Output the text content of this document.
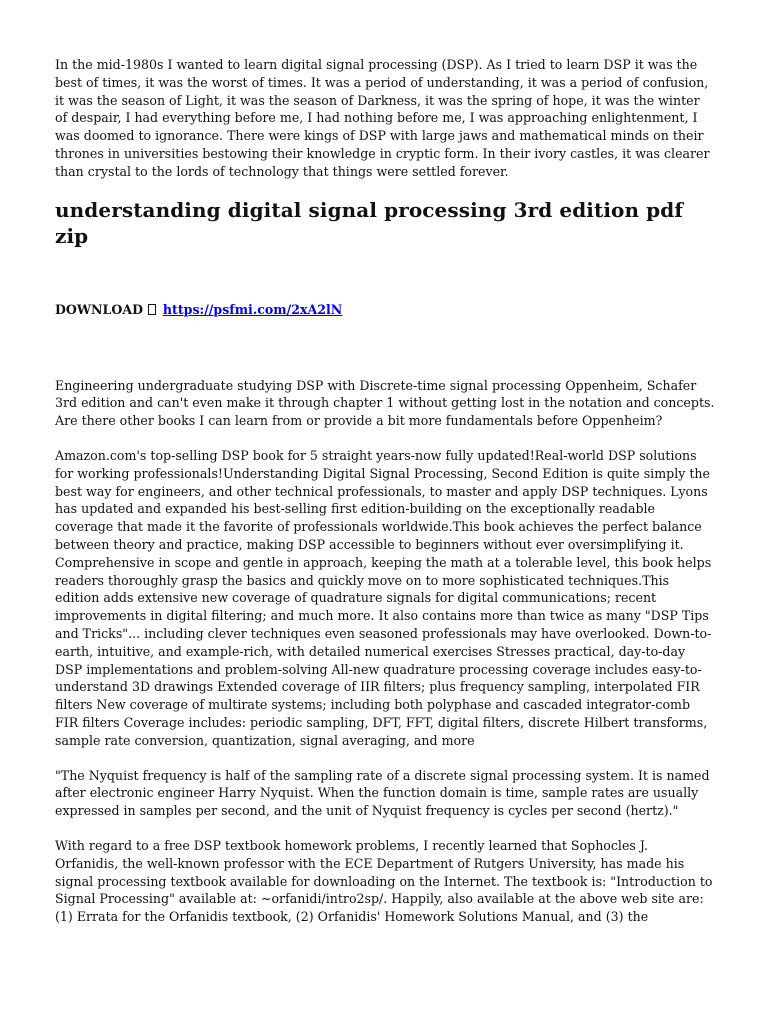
In the mid-1980s I wanted to learn digital signal processing (DSP). As I tried to learn DSP it was the best of times, it was the worst of times. It was a period of understanding, it was a period of confusion, it was the season of Light, it was the season of Darkness, it was the spring of hope, it was the winter of despair, I had everything before me, I had nothing before me, I was approaching enlightenment, I was doomed to ignorance. There were kings of DSP with large jaws and mathematical minds on their thrones in universities bestowing their knowledge in cryptic form. In their ivory castles, it was clearer than crystal to the lords of technology that things were settled forever.

understanding digital signal processing 3rd edition pdf zip
DOWNLOAD https://psfmi.com/2xA2lN

Engineering undergraduate studying DSP with Discrete-time signal processing Oppenheim, Schafer 3rd edition and can't even make it through chapter 1 without getting lost in the notation and concepts. Are there other books I can learn from or provide a bit more fundamentals before Oppenheim?

Amazon.com's top-selling DSP book for 5 straight years-now fully updated!Real-world DSP solutions for working professionals!Understanding Digital Signal Processing, Second Edition is quite simply the best way for engineers, and other technical professionals, to master and apply DSP techniques. Lyons has updated and expanded his best-selling first edition-building on the exceptionally readable coverage that made it the favorite of professionals worldwide.This book achieves the perfect balance between theory and practice, making DSP accessible to beginners without ever oversimplifying it. Comprehensive in scope and gentle in approach, keeping the math at a tolerable level, this book helps readers thoroughly grasp the basics and quickly move on to more sophisticated techniques.This edition adds extensive new coverage of quadrature signals for digital communications; recent improvements in digital filtering; and much more. It also contains more than twice as many "DSP Tips and Tricks"... including clever techniques even seasoned professionals may have overlooked. Down-to-earth, intuitive, and example-rich, with detailed numerical exercises Stresses practical, day-to-day DSP implementations and problem-solving All-new quadrature processing coverage includes easy-to-understand 3D drawings Extended coverage of IIR filters; plus frequency sampling, interpolated FIR filters New coverage of multirate systems; including both polyphase and cascaded integrator-comb FIR filters Coverage includes: periodic sampling, DFT, FFT, digital filters, discrete Hilbert transforms, sample rate conversion, quantization, signal averaging, and more

"The Nyquist frequency is half of the sampling rate of a discrete signal processing system. It is named after electronic engineer Harry Nyquist. When the function domain is time, sample rates are usually expressed in samples per second, and the unit of Nyquist frequency is cycles per second (hertz)."

With regard to a free DSP textbook homework problems, I recently learned that Sophocles J. Orfanidis, the well-known professor with the ECE Department of Rutgers University, has made his signal processing textbook available for downloading on the Internet. The textbook is: "Introduction to Signal Processing" available at: ~orfanidi/intro2sp/. Happily, also available at the above web site are:(1) Errata for the Orfanidis textbook, (2) Orfanidis' Homework Solutions Manual, and (3) the
